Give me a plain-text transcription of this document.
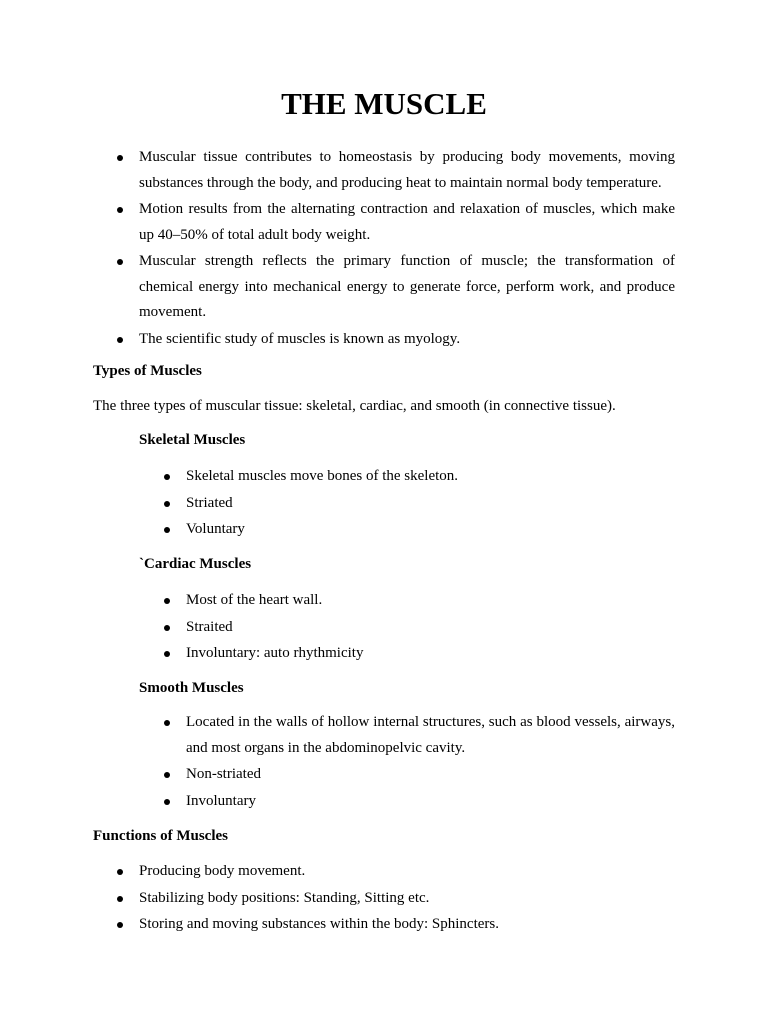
THE MUSCLE
Muscular tissue contributes to homeostasis by producing body movements, moving substances through the body, and producing heat to maintain normal body temperature.
Motion results from the alternating contraction and relaxation of muscles, which make up 40–50% of total adult body weight.
Muscular strength reflects the primary function of muscle; the transformation of chemical energy into mechanical energy to generate force, perform work, and produce movement.
The scientific study of muscles is known as myology.

Types of Muscles

The three types of muscular tissue: skeletal, cardiac, and smooth (in connective tissue).

Skeletal Muscles

Skeletal muscles move bones of the skeleton.
Striated
Voluntary

`Cardiac Muscles

Most of the heart wall.
Straited
Involuntary: auto rhythmicity

Smooth Muscles

Located in the walls of hollow internal structures, such as blood vessels, airways, and most organs in the abdominopelvic cavity.
Non-striated
Involuntary

Functions of Muscles

Producing body movement.
Stabilizing body positions: Standing, Sitting etc.
Storing and moving substances within the body: Sphincters.
